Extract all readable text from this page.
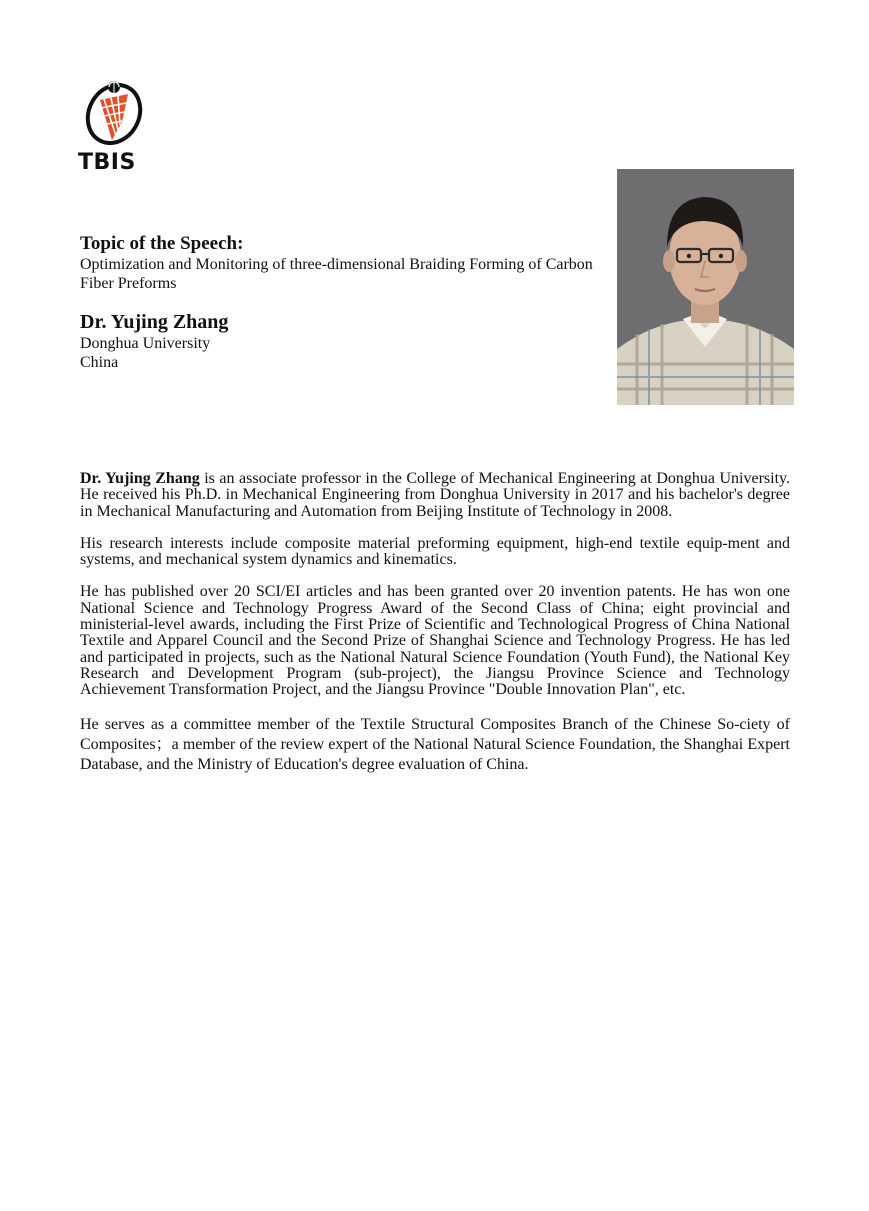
TBIS
Topic of the Speech:
Optimization and Monitoring of three-dimensional Braiding Forming of Carbon Fiber Preforms
Dr. Yujing Zhang
Donghua University
China

Dr. Yujing Zhang is an associate professor in the College of Mechanical Engineering at Donghua University. He received his Ph.D. in Mechanical Engineering from Donghua University in 2017 and his bachelor's degree in Mechanical Manufacturing and Automation from Beijing Institute of Technology in 2008.

His research interests include composite material preforming equipment, high-end textile equip-ment and systems, and mechanical system dynamics and kinematics.

He has published over 20 SCI/EI articles and has been granted over 20 invention patents. He has won one National Science and Technology Progress Award of the Second Class of China; eight provincial and ministerial-level awards, including the First Prize of Scientific and Technological Progress of China National Textile and Apparel Council and the Second Prize of Shanghai Science and Technology Progress. He has led and participated in projects, such as the National Natural Science Foundation (Youth Fund), the National Key Research and Development Program (sub-project), the Jiangsu Province Science and Technology Achievement Transformation Project, and the Jiangsu Province "Double Innovation Plan", etc.

He serves as a committee member of the Textile Structural Composites Branch of the Chinese So-ciety of Composites；a member of the review expert of the National Natural Science Foundation, the Shanghai Expert Database, and the Ministry of Education's degree evaluation of China.
